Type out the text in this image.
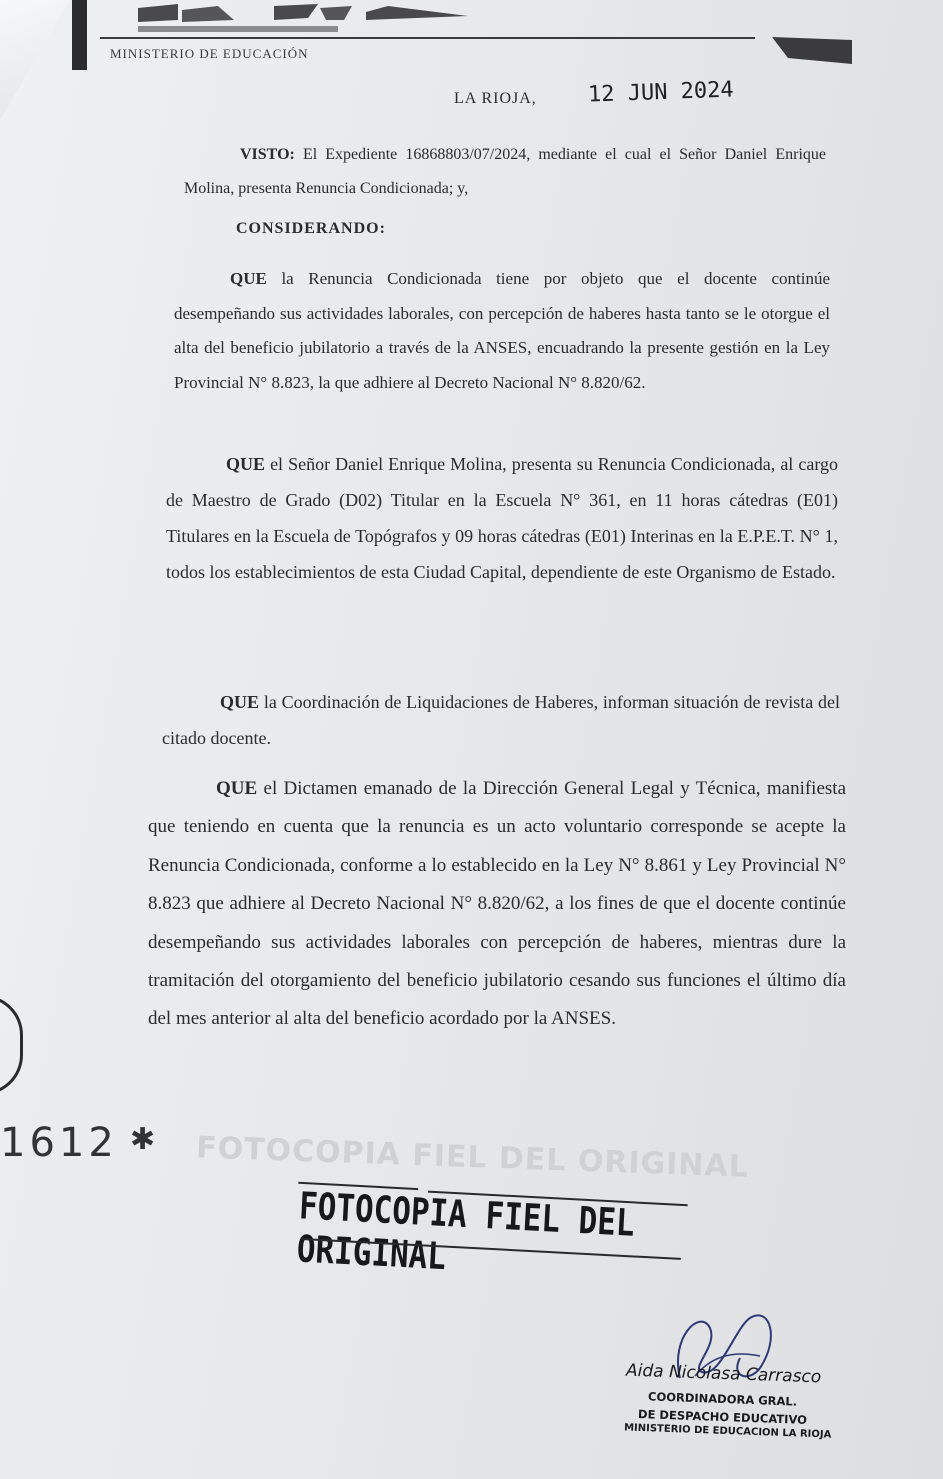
MINISTERIO DE EDUCACIÓN
LA RIOJA, 12 JUN 2024
VISTO: El Expediente 16868803/07/2024, mediante el cual el Señor Daniel Enrique Molina, presenta Renuncia Condicionada; y,
CONSIDERANDO:
QUE la Renuncia Condicionada tiene por objeto que el docente continúe desempeñando sus actividades laborales, con percepción de haberes hasta tanto se le otorgue el alta del beneficio jubilatorio a través de la ANSES, encuadrando la presente gestión en la Ley Provincial N° 8.823, la que adhiere al Decreto Nacional N° 8.820/62.
QUE el Señor Daniel Enrique Molina, presenta su Renuncia Condicionada, al cargo de Maestro de Grado (D02) Titular en la Escuela N° 361, en 11 horas cátedras (E01) Titulares en la Escuela de Topógrafos y 09 horas cátedras (E01) Interinas en la E.P.E.T. N° 1, todos los establecimientos de esta Ciudad Capital, dependiente de este Organismo de Estado.
QUE la Coordinación de Liquidaciones de Haberes, informan situación de revista del citado docente.
QUE el Dictamen emanado de la Dirección General Legal y Técnica, manifiesta que teniendo en cuenta que la renuncia es un acto voluntario corresponde se acepte la Renuncia Condicionada, conforme a lo establecido en la Ley N° 8.861 y Ley Provincial N° 8.823 que adhiere al Decreto Nacional N° 8.820/62, a los fines de que el docente continúe desempeñando sus actividades laborales con percepción de haberes, mientras dure la tramitación del otorgamiento del beneficio jubilatorio cesando sus funciones el último día del mes anterior al alta del beneficio acordado por la ANSES.
1612 ✱ FOTOCOPIA FIEL DEL ORIGINAL
FOTOCOPIA FIEL DEL ORIGINAL
Aida Nicolasa Carrasco
COORDINADORA GRAL.
DE DESPACHO EDUCATIVO
MINISTERIO DE EDUCACION LA RIOJA
